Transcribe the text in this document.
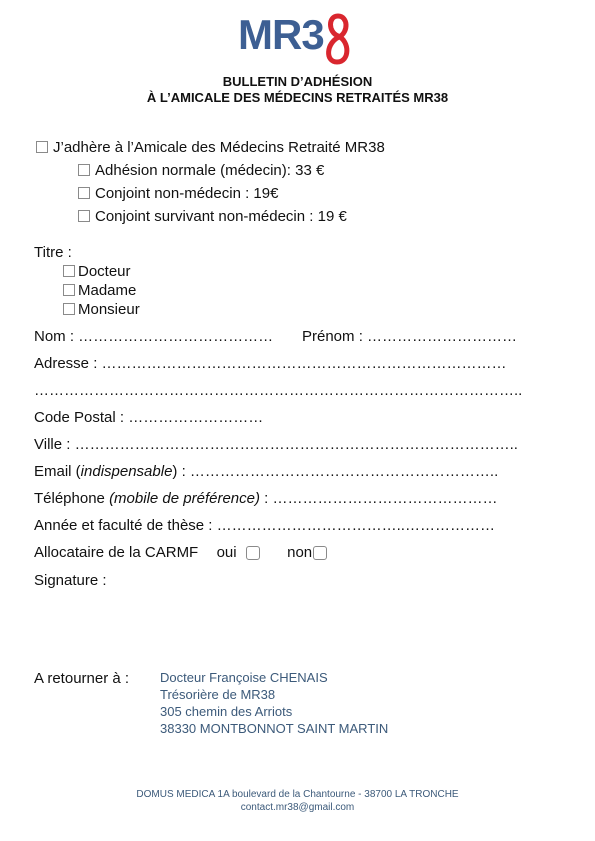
MR3
BULLETIN D’ADHÉSION
À L’AMICALE DES MÉDECINS RETRAITÉS MR38
J’adhère à l’Amicale des Médecins Retraité MR38
Adhésion normale (médecin): 33 €
Conjoint non-médecin : 19€
Conjoint survivant non-médecin : 19 €
Titre :
Docteur
Madame
Monsieur
Nom : ………………………………… Prénom : …………………………
Adresse : ………………………………………………………………………
……………………………………………………………………………………..
Code Postal : ………………………
Ville : ……………………………………………………………………………..
Email (indispensable) : ……………………………………………………..
Téléphone (mobile de préférence) : ………………………………………
Année et faculté de thèse : ………………………………..………………
Allocataire de la CARMF oui	non
Signature :
A retourner à : Docteur Françoise CHENAIS
Trésorière de MR38
305 chemin des Arriots
38330 MONTBONNOT SAINT MARTIN
DOMUS MEDICA 1A boulevard de la Chantourne - 38700 LA TRONCHE
contact.mr38@gmail.com
